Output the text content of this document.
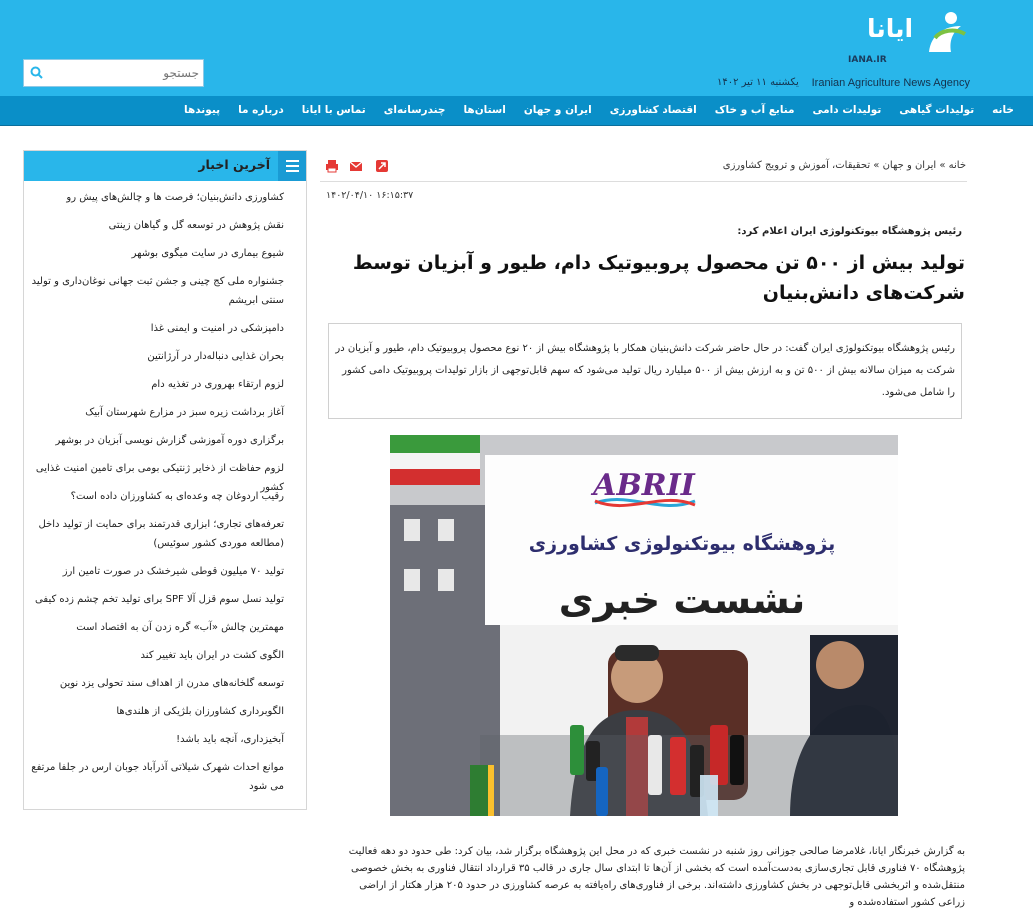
ایانا
IANA.IR
Iranian Agriculture News Agency
یکشنبه ۱۱ تیر ۱۴۰۲
جستجو
خانه
تولیدات گیاهی
تولیدات دامی
منابع آب و خاک
اقتصاد کشاورزی
ایران و جهان
استان‌ها
چندرسانه‌ای
تماس با ایانا
درباره ما
پیوندها
آخرین اخبار
کشاورزی دانش‌بنیان؛ فرصت ها و چالش‌های پیش رو
نقش پژوهش در توسعه گل و گیاهان زینتی
شیوع بیماری در سایت میگوی بوشهر
جشنواره ملی کج چینی و جشن ثبت جهانی نوغان‌داری و تولید سنتی ابریشم
دامپزشکی در امنیت و ایمنی غذا
بحران غذایی دنباله‌دار در آرژانتین
لزوم ارتقاء بهروری در تغذیه دام
آغاز برداشت زیره سبز در مزارع شهرستان آبیک
برگزاری دوره آموزشی گزارش نویسی آبزیان در بوشهر
لزوم حفاظت از ذخایر ژنتیکی بومی برای تامین امنیت غذایی کشور
رقیب اردوغان چه وعده‌ای به کشاورزان داده است؟
تعرفه‌های تجاری؛ ابزاری قدرتمند برای حمایت از تولید داخل (مطالعه موردی کشور سوئیس)
تولید ۷۰ میلیون قوطی شیرخشک در صورت تامین ارز
تولید نسل سوم قزل آلا SPF برای تولید تخم چشم زده کیفی
مهمترین چالش «آب» گره زدن آن به اقتصاد است
الگوی کشت در ایران باید تغییر کند
توسعه گلخانه‌های مدرن از اهداف سند تحولی یزد نوین
الگوبرداری کشاورزان بلژیکی از هلندی‌ها
آبخیزداری، آنچه باید باشد!
موانع احداث شهرک شیلاتی آذرآباد جوبان ارس در جلفا مرتفع می شود
خانه » ایران و جهان » تحقیقات، آموزش و ترویج کشاورزی
۱۴۰۲/۰۴/۱۰ ۱۶:۱۵:۳۷
رئیس پژوهشگاه بیوتکنولوژی ایران اعلام کرد:
تولید بیش از ۵۰۰ تن محصول پروبیوتیک دام، طیور و آبزیان توسط شرکت‌های دانش‌بنیان

رئیس پژوهشگاه بیوتکنولوژی ایران گفت: در حال حاضر شرکت دانش‌بنیان همکار با پژوهشگاه بیش از ۲۰ نوع محصول پروبیوتیک دام، طیور و آبزیان در شرکت به میزان سالانه بیش از ۵۰۰ تن و به ارزش بیش از ۵۰۰ میلیارد ریال تولید می‌شود که سهم قابل‌توجهی از بازار تولیدات پروبیوتیک دامی کشور را شامل می‌شود.

ABRII
پژوهشگاه بیوتکنولوژی کشاورزی
نشست خبری
به گزارش خبرنگار ایانا، غلامرضا صالحی جوزانی روز شنبه در نشست خبری که در محل این پژوهشگاه برگزار شد، بیان کرد: طی حدود دو دهه فعالیت پژوهشگاه ۷۰ فناوری قابل تجاری‌سازی به‌دست‌آمده است که بخشی از آن‌ها تا ابتدای سال جاری در قالب ۳۵ قرارداد انتقال فناوری به بخش خصوصی منتقل‌شده و اثربخشی قابل‌توجهی در بخش کشاورزی داشته‌اند. برخی از فناوری‌های راه‌یافته به عرصه کشاورزی در حدود ۲۰۵ هزار هکتار از اراضی زراعی کشور استفاده‌شده و
